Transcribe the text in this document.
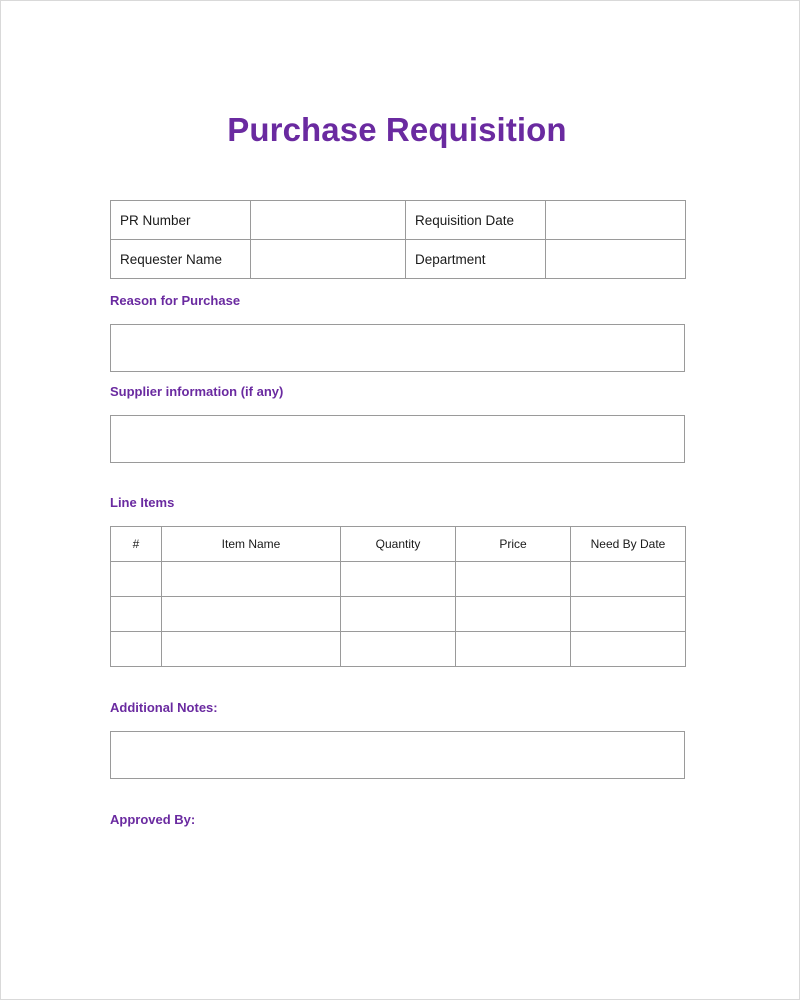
Purchase Requisition
PR Number		Requisition Date	
Requester Name		Department	
Reason for Purchase
Supplier information (if any)
Line Items
#	Item Name	Quantity	Price	Need By Date

Additional Notes:
Approved By:
